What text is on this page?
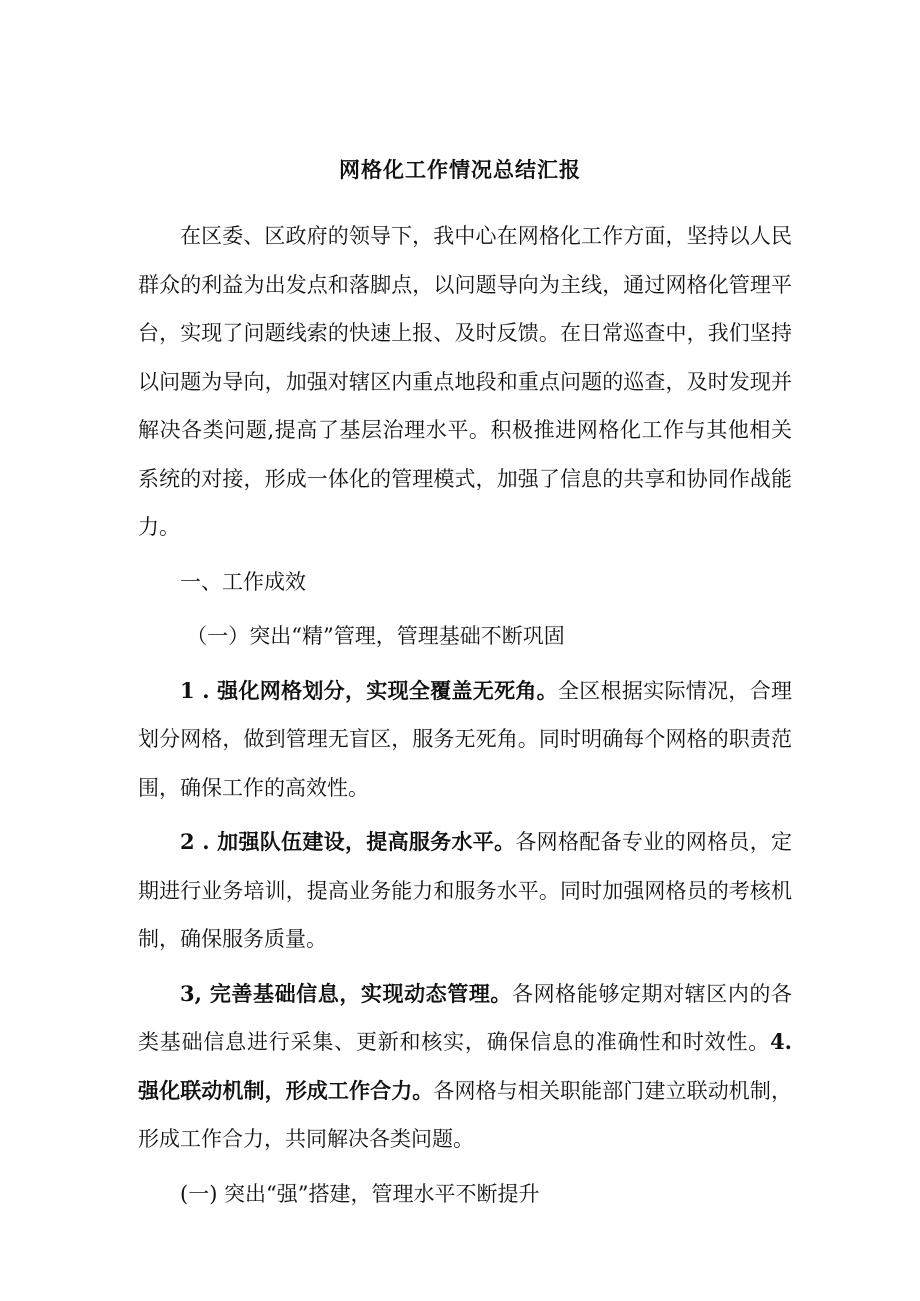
网格化工作情况总结汇报

在区委、区政府的领导下，我中心在网格化工作方面，坚持以人民群众的利益为出发点和落脚点，以问题导向为主线，通过网格化管理平台，实现了问题线索的快速上报、及时反馈。在日常巡查中，我们坚持以问题为导向，加强对辖区内重点地段和重点问题的巡查，及时发现并解决各类问题,提高了基层治理水平。积极推进网格化工作与其他相关系统的对接，形成一体化的管理模式，加强了信息的共享和协同作战能力。

一、工作成效

（一）突出“精”管理，管理基础不断巩固

1 . 强化网格划分，实现全覆盖无死角。全区根据实际情况，合理划分网格，做到管理无盲区，服务无死角。同时明确每个网格的职责范围，确保工作的高效性。

2 . 加强队伍建设，提高服务水平。各网格配备专业的网格员，定期进行业务培训，提高业务能力和服务水平。同时加强网格员的考核机制，确保服务质量。

3, 完善基础信息，实现动态管理。各网格能够定期对辖区内的各类基础信息进行采集、更新和核实，确保信息的准确性和时效性。4. 强化联动机制，形成工作合力。各网格与相关职能部门建立联动机制，形成工作合力，共同解决各类问题。

(一) 突出“强”搭建，管理水平不断提升
